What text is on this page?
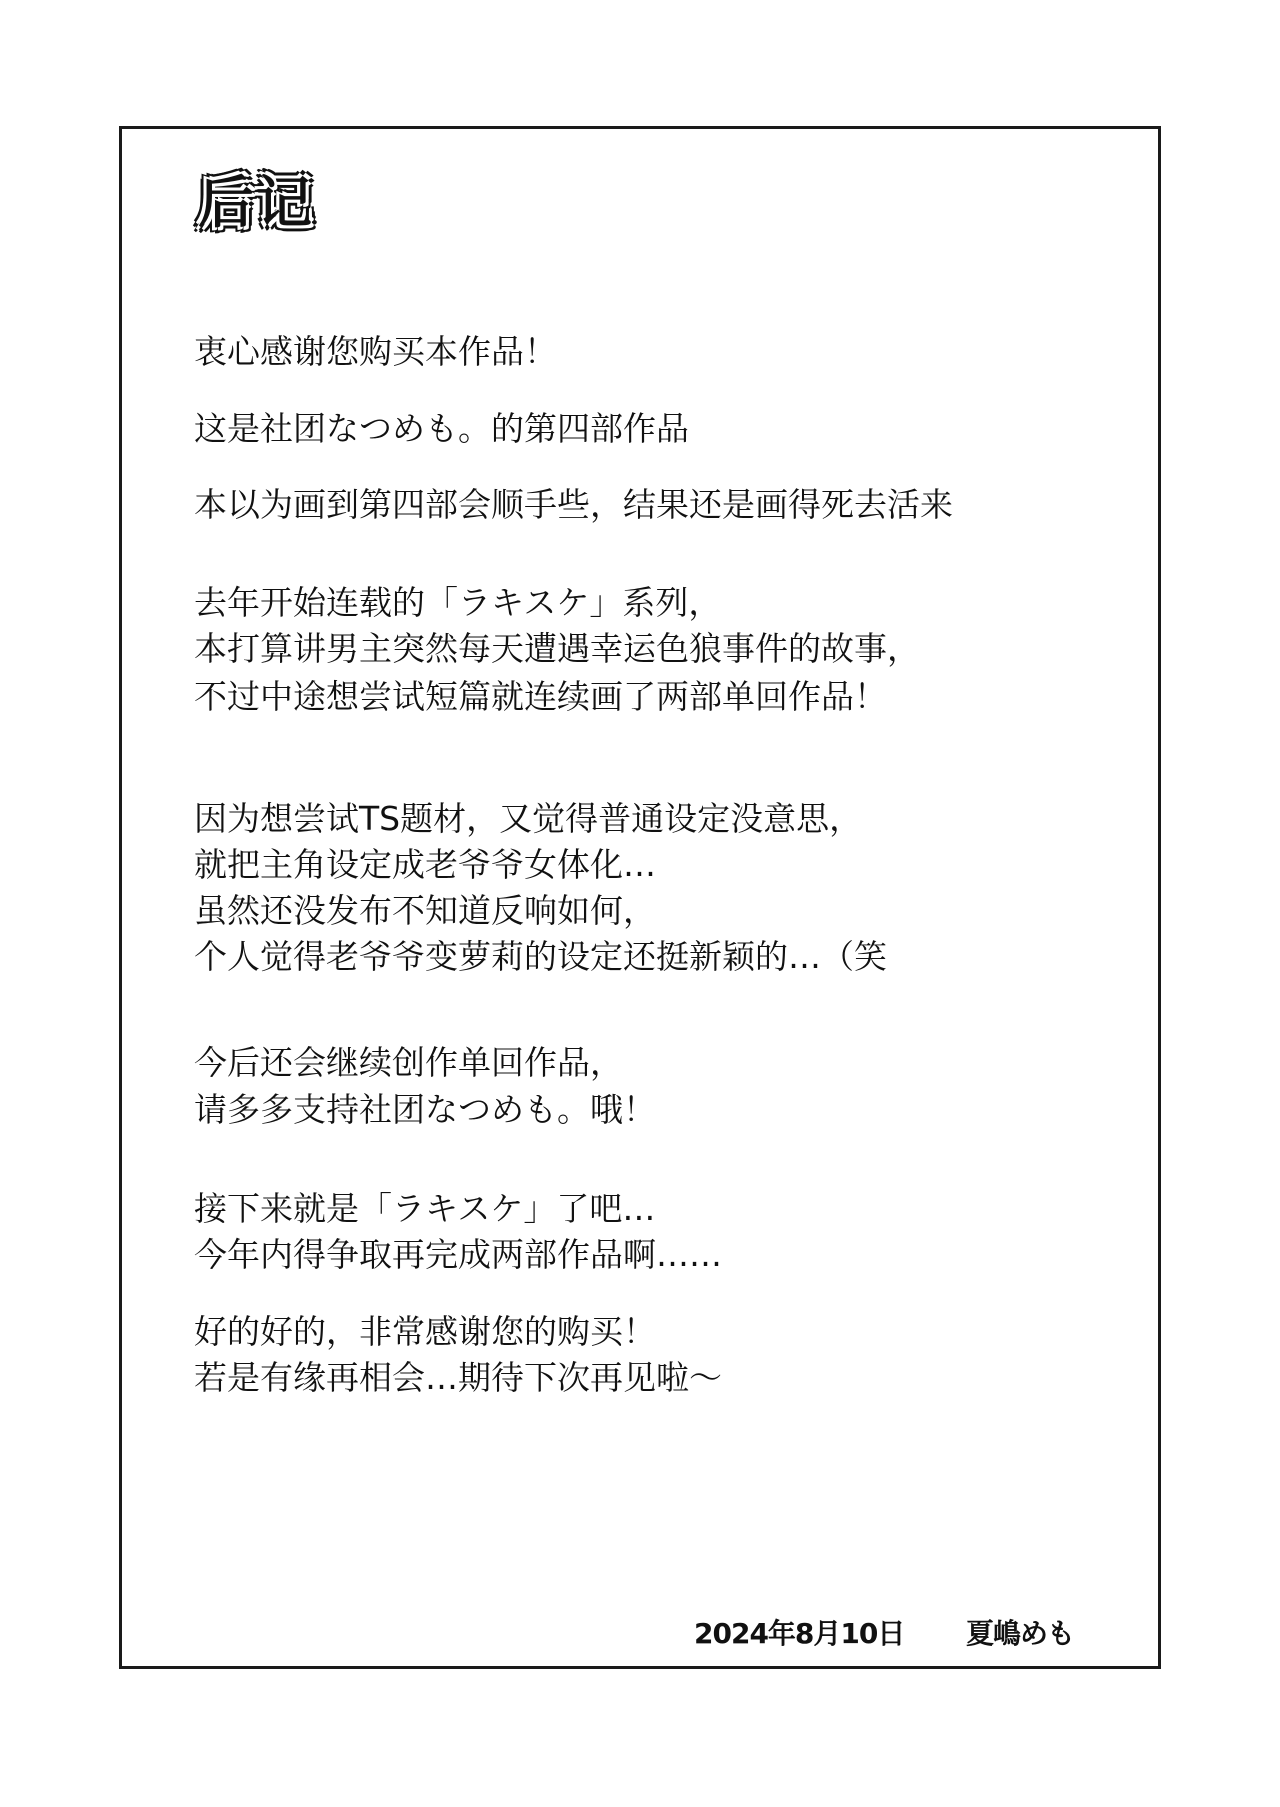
后记
衷心感谢您购买本作品！
这是社团なつめも。的第四部作品
本以为画到第四部会顺手些，结果还是画得死去活来
去年开始连载的「ラキスケ」系列，
本打算讲男主突然每天遭遇幸运色狼事件的故事，
不过中途想尝试短篇就连续画了两部单回作品！
因为想尝试TS题材，又觉得普通设定没意思，
就把主角设定成老爷爷女体化…
虽然还没发布不知道反响如何，
个人觉得老爷爷变萝莉的设定还挺新颖的…（笑
今后还会继续创作单回作品，
请多多支持社团なつめも。哦！
接下来就是「ラキスケ」了吧…
今年内得争取再完成两部作品啊……
好的好的，非常感谢您的购买！
若是有缘再相会…期待下次再见啦～
2024年8月10日 夏嶋めも
